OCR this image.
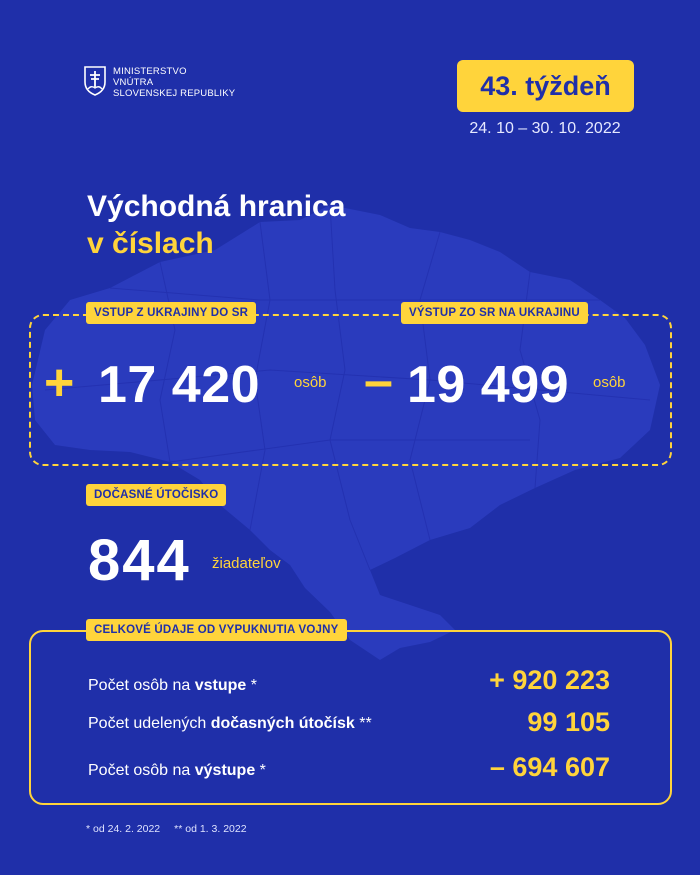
MINISTERSTVO
VNÚTRA
SLOVENSKEJ REPUBLIKY	43. týždeň
24. 10 – 30. 10. 2022
Východná hranica
v číslach
VSTUP Z UKRAJINY DO SR	VÝSTUP ZO SR NA UKRAJINU
+ 17 420 osôb – 19 499 osôb
DOČASNÉ ÚTOČISKO
844 žiadateľov
CELKOVÉ ÚDAJE OD VYPUKNUTIA VOJNY
Počet osôb na vstupe *	+ 920 223
Počet udelených dočasných útočísk **	99 105
Počet osôb na výstupe *	– 694 607
* od 24. 2. 2022 ** od 1. 3. 2022
